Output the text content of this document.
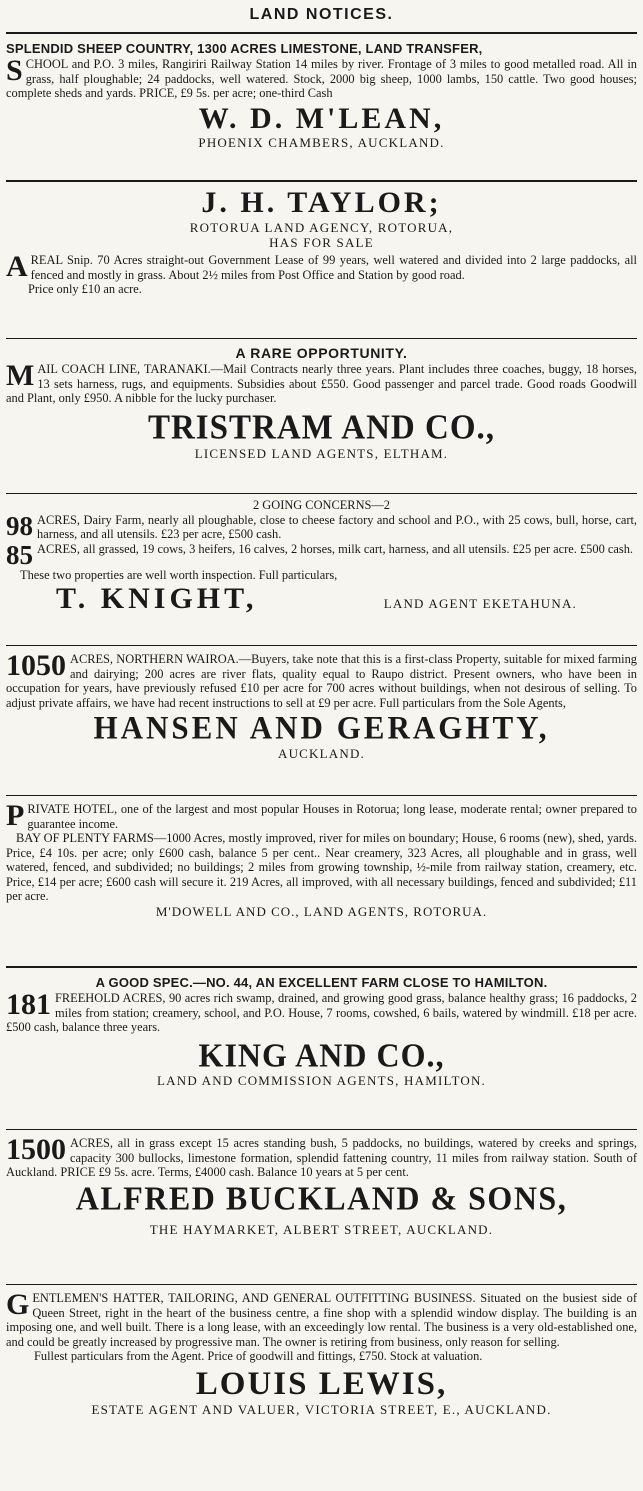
LAND NOTICES.
SPLENDID SHEEP COUNTRY, 1300 ACRES LIMESTONE, LAND TRANSFER,
SCHOOL and P.O. 3 miles, Rangiriri Railway Station 14 miles by river. Frontage of 3 miles to good metalled road. All in grass, half ploughable; 24 paddocks, well watered. Stock, 2000 big sheep, 1000 lambs, 150 cattle. Two good houses; complete sheds and yards. PRICE, £9 5s. per acre; one-third Cash
W. D. M'LEAN,
PHOENIX CHAMBERS, AUCKLAND.
J. H. TAYLOR;
ROTORUA LAND AGENCY, ROTORUA,
HAS FOR SALE
AREAL Snip. 70 Acres straight-out Government Lease of 99 years, well watered and divided into 2 large paddocks, all fenced and mostly in grass. About 2½ miles from Post Office and Station by good road.
Price only £10 an acre.
A RARE OPPORTUNITY.
MAIL COACH LINE, TARANAKI.—Mail Contracts nearly three years. Plant includes three coaches, buggy, 18 horses, 13 sets harness, rugs, and equipments. Subsidies about £550. Good passenger and parcel trade. Good roads Goodwill and Plant, only £950. A nibble for the lucky purchaser.
TRISTRAM AND CO.,
LICENSED LAND AGENTS, ELTHAM.
2 GOING CONCERNS—2
98 ACRES, Dairy Farm, nearly all ploughable, close to cheese factory and school and P.O., with 25 cows, bull, horse, cart, harness, and all utensils. £23 per acre, £500 cash.
85 ACRES, all grassed, 19 cows, 3 heifers, 16 calves, 2 horses, milk cart, harness, and all utensils. £25 per acre. £500 cash.
These two properties are well worth inspection. Full particulars,
T. KNIGHT,	LAND AGENT EKETAHUNA.
1050 ACRES, NORTHERN WAIROA.—Buyers, take note that this is a first-class Property, suitable for mixed farming and dairying; 200 acres are river flats, quality equal to Raupo district. Present owners, who have been in occupation for years, have previously refused £10 per acre for 700 acres without buildings, when not desirous of selling. To adjust private affairs, we have had recent instructions to sell at £9 per acre. Full particulars from the Sole Agents,
HANSEN AND GERAGHTY,
AUCKLAND.
PRIVATE HOTEL, one of the largest and most popular Houses in Rotorua; long lease, moderate rental; owner prepared to guarantee income.
BAY OF PLENTY FARMS—1000 Acres, mostly improved, river for miles on boundary; House, 6 rooms (new), shed, yards. Price, £4 10s. per acre; only £600 cash, balance 5 per cent.. Near creamery, 323 Acres, all ploughable and in grass, well watered, fenced, and subdivided; no buildings; 2 miles from growing township, ½-mile from railway station, creamery, etc. Price, £14 per acre; £600 cash will secure it. 219 Acres, all improved, with all necessary buildings, fenced and subdivided; £11 per acre.
M'DOWELL AND CO., LAND AGENTS, ROTORUA.
A GOOD SPEC.—NO. 44, AN EXCELLENT FARM CLOSE TO HAMILTON.
181 FREEHOLD ACRES, 90 acres rich swamp, drained, and growing good grass, balance healthy grass; 16 paddocks, 2 miles from station; creamery, school, and P.O. House, 7 rooms, cowshed, 6 bails, watered by windmill. £18 per acre. £500 cash, balance three years.
KING AND CO.,
LAND AND COMMISSION AGENTS, HAMILTON.
1500 ACRES, all in grass except 15 acres standing bush, 5 paddocks, no buildings, watered by creeks and springs, capacity 300 bullocks, limestone formation, splendid fattening country, 11 miles from railway station. South of Auckland. PRICE £9 5s. acre. Terms, £4000 cash. Balance 10 years at 5 per cent.
ALFRED BUCKLAND & SONS,
THE HAYMARKET, ALBERT STREET, AUCKLAND.
GENTLEMEN'S HATTER, TAILORING, AND GENERAL OUTFITTING BUSINESS. Situated on the busiest side of Queen Street, right in the heart of the business centre, a fine shop with a splendid window display. The building is an imposing one, and well built. There is a long lease, with an exceedingly low rental. The business is a very old-established one, and could be greatly increased by progressive man. The owner is retiring from business, only reason for selling.
Fullest particulars from the Agent. Price of goodwill and fittings, £750. Stock at valuation.
LOUIS LEWIS,
ESTATE AGENT AND VALUER, VICTORIA STREET, E., AUCKLAND.
